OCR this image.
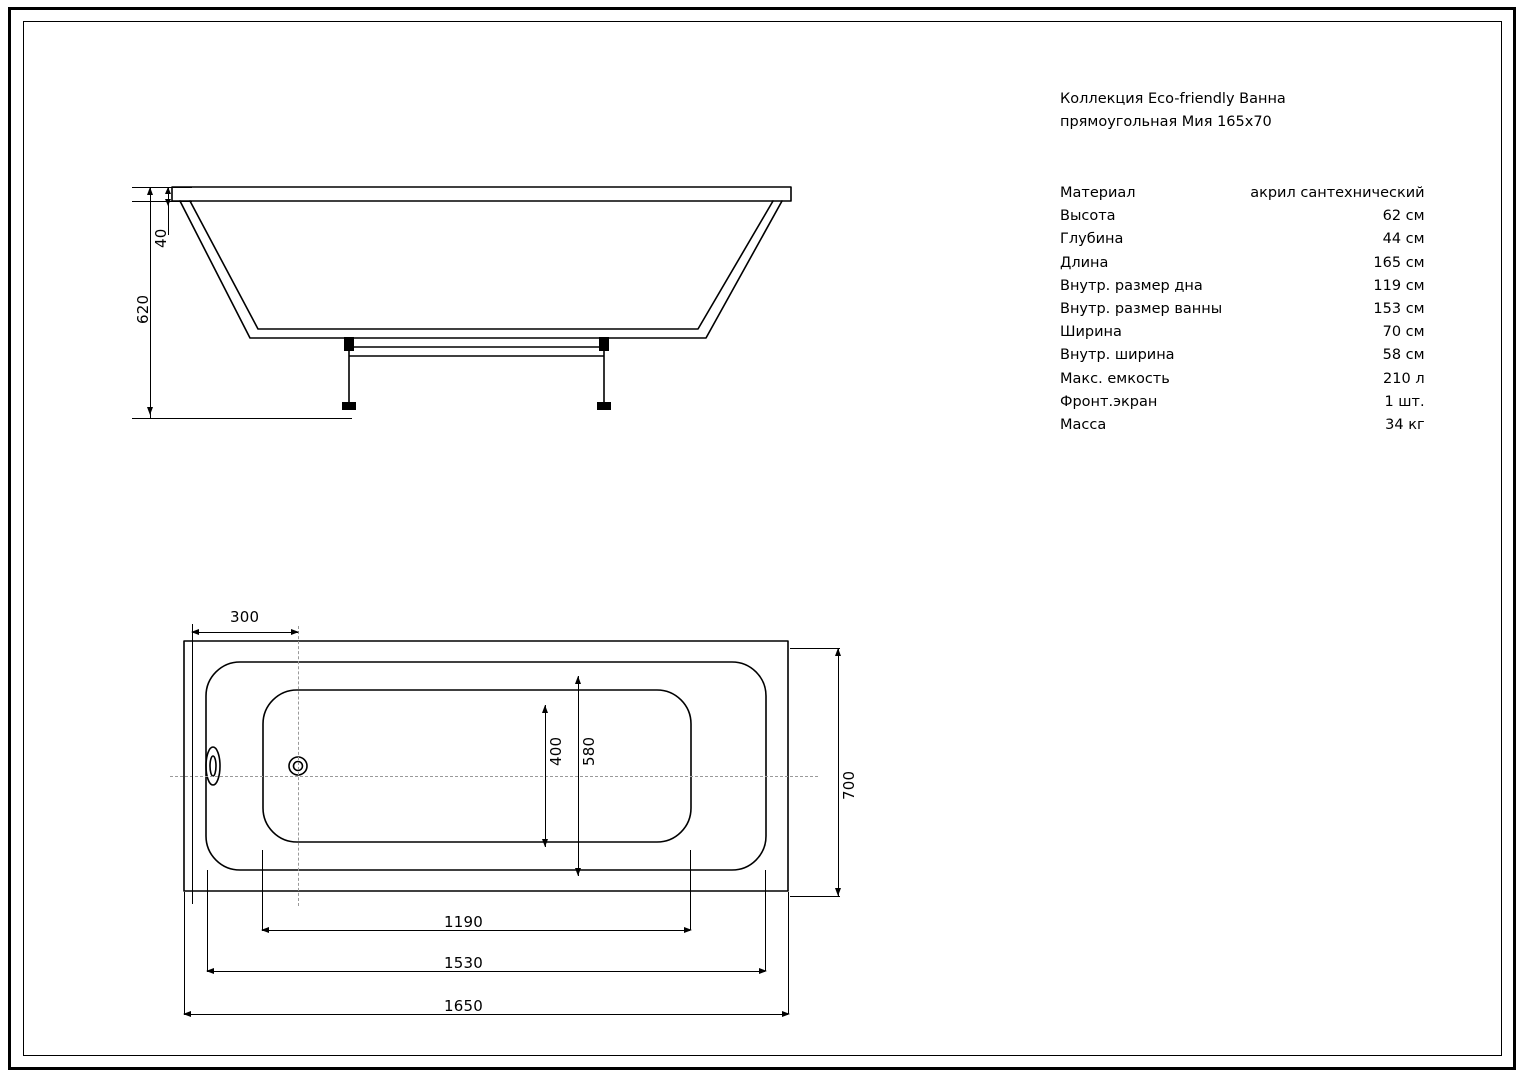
Коллекция Eco-friendly Ванна
прямоугольная Мия 165х70
Материал	акрил сантехнический
Высота	62 см
Глубина	44 см
Длина	165 см
Внутр. размер дна	119 см
Внутр. размер ванны	153 см
Ширина	70 см
Внутр. ширина	58 см
Макс. емкость	210 л
Фронт.экран	1 шт.
Масса	34 кг
40
620
400 580
700
300
1190
1530
1650
